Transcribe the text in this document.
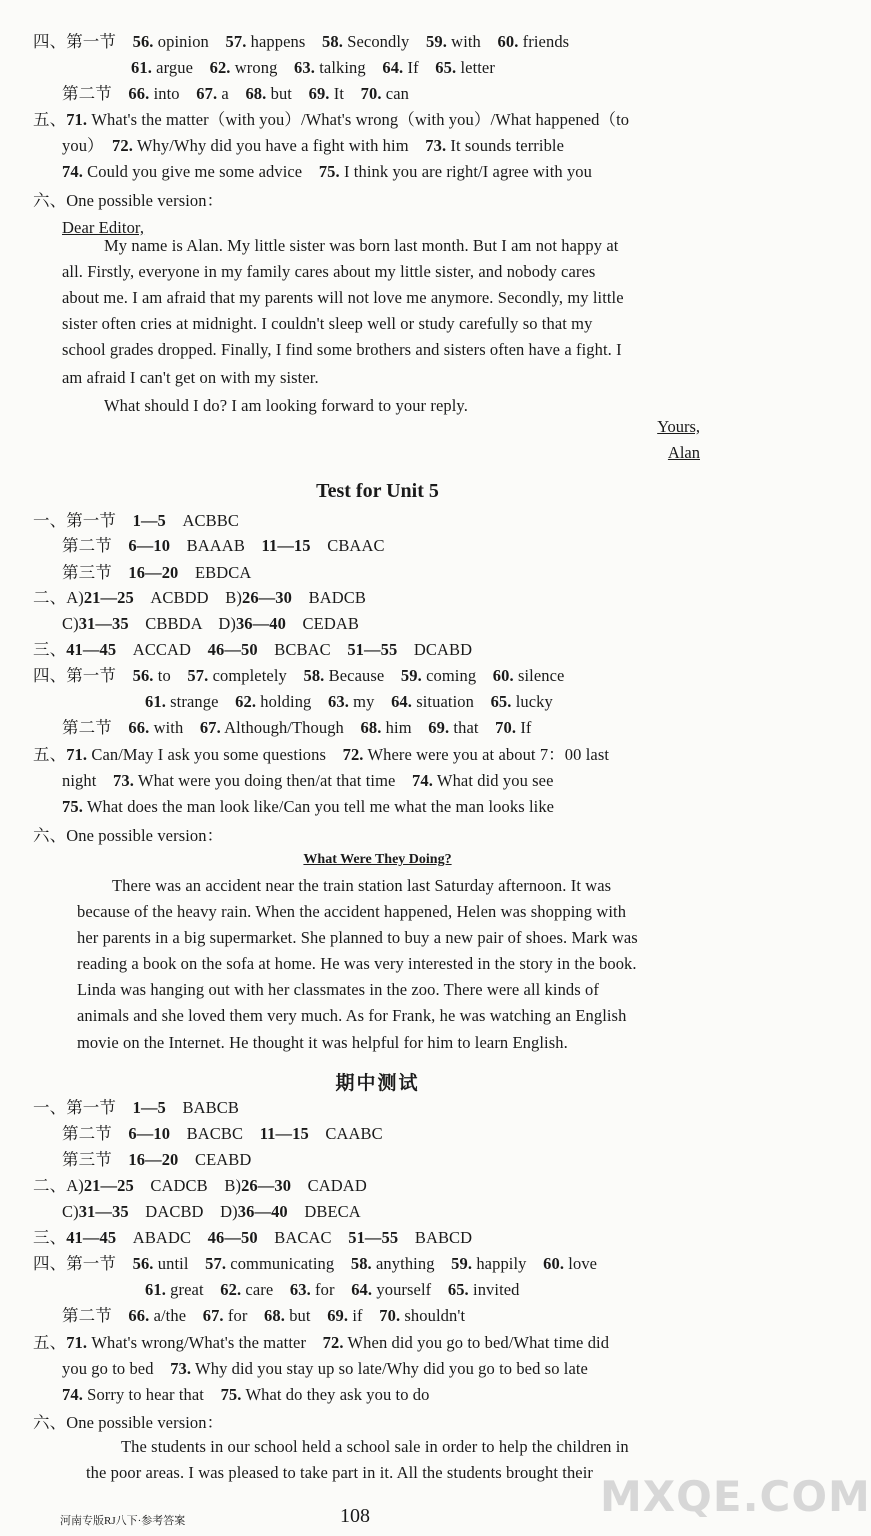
四、第一节　56. opinion　57. happens　58. Secondly　59. with　60. friends
61. argue　62. wrong　63. talking　64. If　65. letter
第二节　66. into　67. a　68. but　69. It　70. can
五、71. What's the matter（with you）/What's wrong（with you）/What happened（to
you）　72. Why/Why did you have a fight with him　73. It sounds terrible
74. Could you give me some advice　75. I think you are right/I agree with you
六、One possible version：
Dear Editor,
My name is Alan. My little sister was born last month. But I am not happy at
all. Firstly, everyone in my family cares about my little sister, and nobody cares
about me. I am afraid that my parents will not love me anymore. Secondly, my little
sister often cries at midnight. I couldn't sleep well or study carefully so that my
school grades dropped. Finally, I find some brothers and sisters often have a fight. I
am afraid I can't get on with my sister.
What should I do? I am looking forward to your reply.
Yours,
Alan
Test for Unit 5
一、第一节　1—5　ACBBC
第二节　6—10　BAAAB　11—15　CBAAC
第三节　16—20　EBDCA
二、A)21—25　ACBDD　B)26—30　BADCB
C)31—35　CBBDA　D)36—40　CEDAB
三、41—45　ACCAD　46—50　BCBAC　51—55　DCABD
四、第一节　56. to　57. completely　58. Because　59. coming　60. silence
61. strange　62. holding　63. my　64. situation　65. lucky
第二节　66. with　67. Although/Though　68. him　69. that　70. If
五、71. Can/May I ask you some questions　72. Where were you at about 7：00 last
night　73. What were you doing then/at that time　74. What did you see
75. What does the man look like/Can you tell me what the man looks like
六、One possible version：
What Were They Doing?
There was an accident near the train station last Saturday afternoon. It was
because of the heavy rain. When the accident happened, Helen was shopping with
her parents in a big supermarket. She planned to buy a new pair of shoes. Mark was
reading a book on the sofa at home. He was very interested in the story in the book.
Linda was hanging out with her classmates in the zoo. There were all kinds of
animals and she loved them very much. As for Frank, he was watching an English
movie on the Internet. He thought it was helpful for him to learn English.
期中测试
一、第一节　1—5　BABCB
第二节　6—10　BACBC　11—15　CAABC
第三节　16—20　CEABD
二、A)21—25　CADCB　B)26—30　CADAD
C)31—35　DACBD　D)36—40　DBECA
三、41—45　ABADC　46—50　BACAC　51—55　BABCD
四、第一节　56. until　57. communicating　58. anything　59. happily　60. love
61. great　62. care　63. for　64. yourself　65. invited
第二节　66. a/the　67. for　68. but　69. if　70. shouldn't
五、71. What's wrong/What's the matter　72. When did you go to bed/What time did
you go to bed　73. Why did you stay up so late/Why did you go to bed so late
74. Sorry to hear that　75. What do they ask you to do
六、One possible version：
The students in our school held a school sale in order to help the children in
the poor areas. I was pleased to take part in it. All the students brought their
河南专版RJ八下·参考答案	108	MXQE.COM
